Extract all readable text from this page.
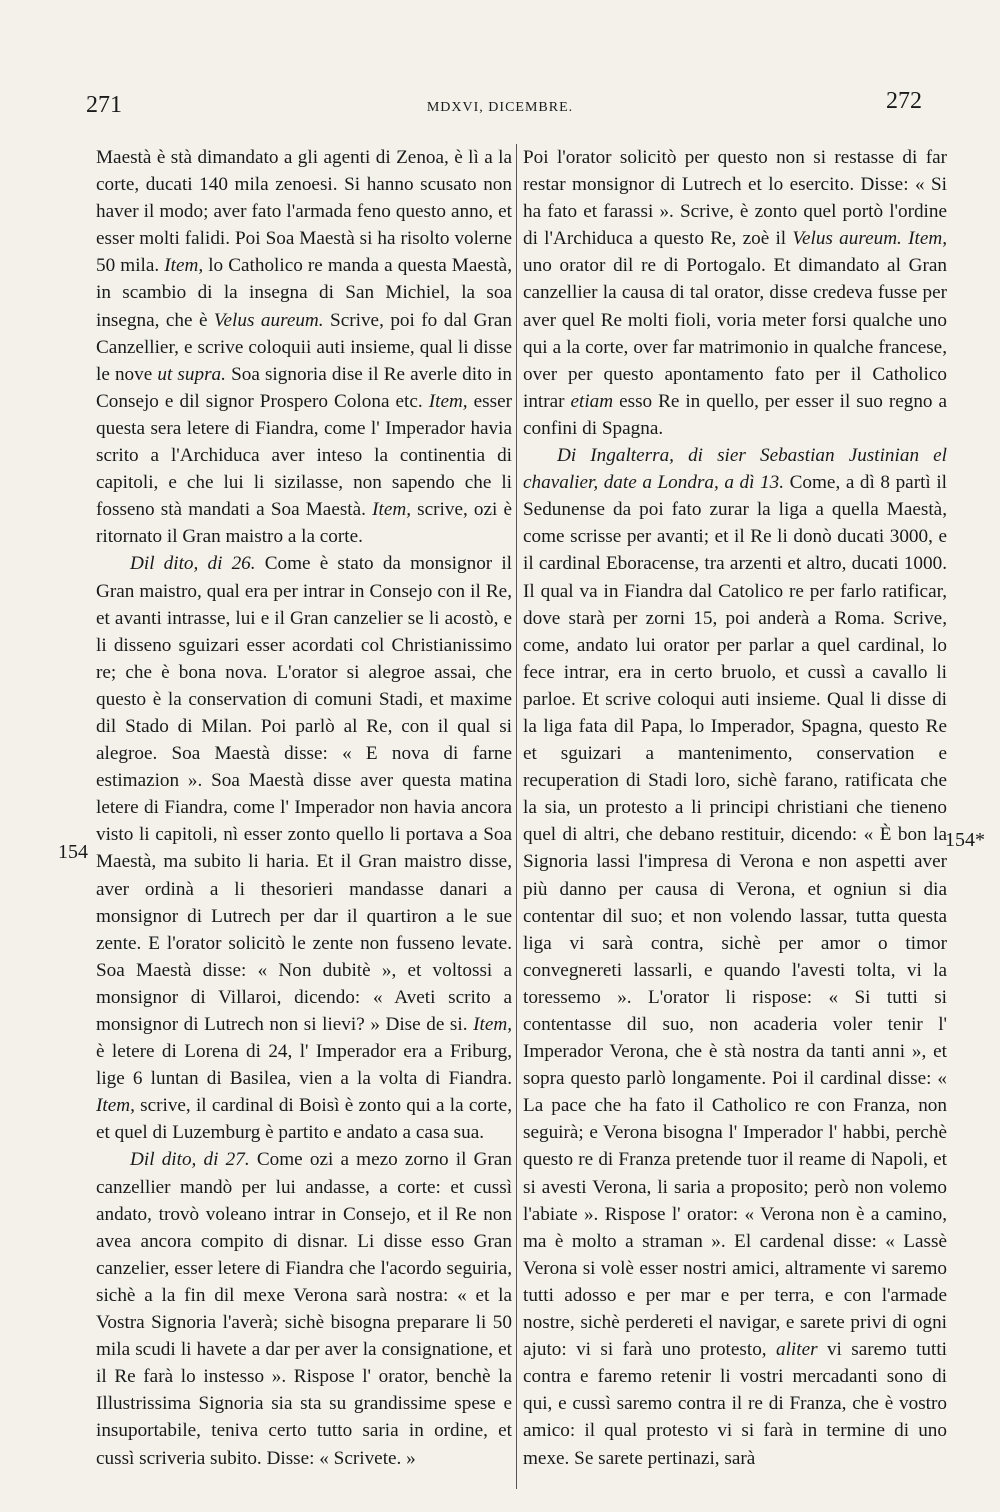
271	MDXVI, DICEMBRE.	272
154
154*

Maestà è stà dimandato a gli agenti di Zenoa, è lì a la corte, ducati 140 mila zenoesi. Si hanno scusato non haver il modo; aver fato l'armada feno questo anno, et esser molti falidi. Poi Soa Maestà si ha risolto volerne 50 mila. Item, lo Catholico re manda a questa Maestà, in scambio di la insegna di San Michiel, la soa insegna, che è Velus aureum. Scrive, poi fo dal Gran Canzellier, e scrive coloquii auti insieme, qual li disse le nove ut supra. Soa signoria dise il Re averle dito in Consejo e dil signor Prospero Colona etc. Item, esser questa sera letere di Fiandra, come l' Imperador havia scrito a l'Archiduca aver inteso la continentia di capitoli, e che lui li sizilasse, non sapendo che li fosseno stà mandati a Soa Maestà. Item, scrive, ozi è ritornato il Gran maistro a la corte.

Dil dito, di 26. Come è stato da monsignor il Gran maistro, qual era per intrar in Consejo con il Re, et avanti intrasse, lui e il Gran canzelier se li acostò, e li disseno sguizari esser acordati col Christianissimo re; che è bona nova. L'orator si alegroe assai, che questo è la conservation di comuni Stadi, et maxime dil Stado di Milan. Poi parlò al Re, con il qual si alegroe. Soa Maestà disse: « E nova di farne estimazion ». Soa Maestà disse aver questa matina letere di Fiandra, come l' Imperador non havia ancora visto li capitoli, nì esser zonto quello li portava a Soa Maestà, ma subito li haria. Et il Gran maistro disse, aver ordinà a li thesorieri mandasse danari a monsignor di Lutrech per dar il quartiron a le sue zente. E l'orator solicitò le zente non fusseno levate. Soa Maestà disse: « Non dubitè », et voltossi a monsignor di Villaroi, dicendo: « Aveti scrito a monsignor di Lutrech non si lievi? » Dise de si. Item, è letere di Lorena di 24, l' Imperador era a Friburg, lige 6 luntan di Basilea, vien a la volta di Fiandra. Item, scrive, il cardinal di Boisì è zonto qui a la corte, et quel di Luzemburg è partito e andato a casa sua.

Dil dito, di 27. Come ozi a mezo zorno il Gran canzellier mandò per lui andasse, a corte: et cussì andato, trovò voleano intrar in Consejo, et il Re non avea ancora compito di disnar. Li disse esso Gran canzelier, esser letere di Fiandra che l'acordo seguiria, sichè a la fin dil mexe Verona sarà nostra: « et la Vostra Signoria l'averà; sichè bisogna preparare li 50 mila scudi li havete a dar per aver la consignatione, et il Re farà lo instesso ». Rispose l' orator, benchè la Illustrissima Signoria sia sta su grandissime spese e insuportabile, teniva certo tutto saria in ordine, et cussì scriveria subito. Disse: « Scrivete. »

Poi l'orator solicitò per questo non si restasse di far restar monsignor di Lutrech et lo esercito. Disse: « Si ha fato et farassi ». Scrive, è zonto quel portò l'ordine di l'Archiduca a questo Re, zoè il Velus aureum. Item, uno orator dil re di Portogalo. Et dimandato al Gran canzellier la causa di tal orator, disse credeva fusse per aver quel Re molti fioli, voria meter forsi qualche uno qui a la corte, over far matrimonio in qualche francese, over per questo apontamento fato per il Catholico intrar etiam esso Re in quello, per esser il suo regno a confini di Spagna.

Di Ingalterra, di sier Sebastian Justinian el chavalier, date a Londra, a dì 13. Come, a dì 8 partì il Sedunense da poi fato zurar la liga a quella Maestà, come scrisse per avanti; et il Re li donò ducati 3000, e il cardinal Eboracense, tra arzenti et altro, ducati 1000. Il qual va in Fiandra dal Catolico re per farlo ratificar, dove starà per zorni 15, poi anderà a Roma. Scrive, come, andato lui orator per parlar a quel cardinal, lo fece intrar, era in certo bruolo, et cussì a cavallo li parloe. Et scrive coloqui auti insieme. Qual li disse di la liga fata dil Papa, lo Imperador, Spagna, questo Re et sguizari a mantenimento, conservation e recuperation di Stadi loro, sichè farano, ratificata che la sia, un protesto a li principi christiani che tieneno quel di altri, che debano restituir, dicendo: « È bon la Signoria lassi l'impresa di Verona e non aspetti aver più danno per causa di Verona, et ogniun si dia contentar dil suo; et non volendo lassar, tutta questa liga vi sarà contra, sichè per amor o timor convegnereti lassarli, e quando l'avesti tolta, vi la toressemo ». L'orator li rispose: « Si tutti si contentasse dil suo, non acaderia voler tenir l' Imperador Verona, che è stà nostra da tanti anni », et sopra questo parlò longamente. Poi il cardinal disse: « La pace che ha fato il Catholico re con Franza, non seguirà; e Verona bisogna l' Imperador l' habbi, perchè questo re di Franza pretende tuor il reame di Napoli, et si avesti Verona, li saria a proposito; però non volemo l'abiate ». Rispose l' orator: « Verona non è a camino, ma è molto a straman ». El cardenal disse: « Lassè Verona si volè esser nostri amici, altramente vi saremo tutti adosso e per mar e per terra, e con l'armade nostre, sichè perdereti el navigar, e sarete privi di ogni ajuto: vi si farà uno protesto, aliter vi saremo tutti contra e faremo retenir li vostri mercadanti sono di qui, e cussì saremo contra il re di Franza, che è vostro amico: il qual protesto vi si farà in termine di uno mexe. Se sarete pertinazi, sarà
